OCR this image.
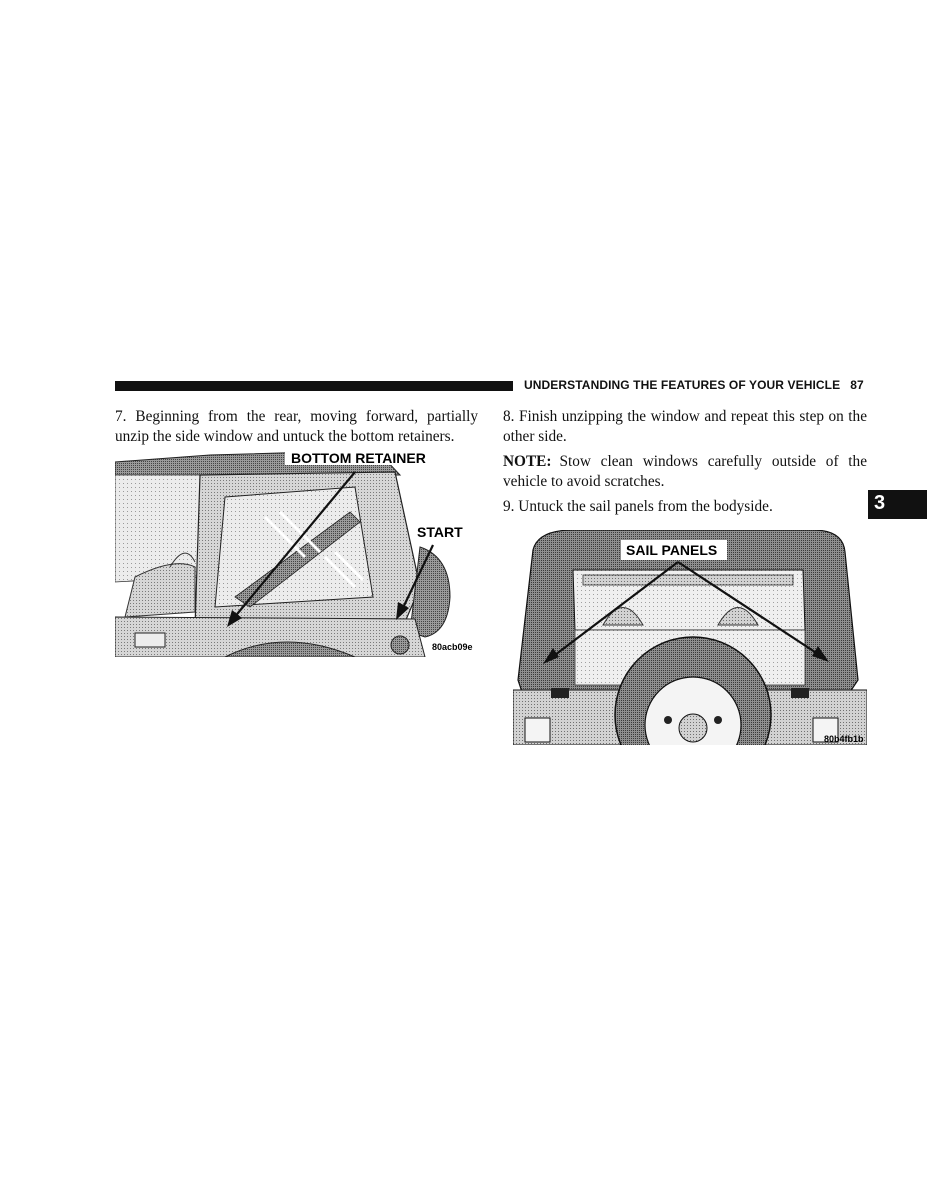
UNDERSTANDING THE FEATURES OF YOUR VEHICLE 87
7. Beginning from the rear, moving forward, partially unzip the side window and untuck the bottom retainers.
BOTTOM RETAINER
START
80acb09e
8. Finish unzipping the window and repeat this step on the other side.
NOTE: Stow clean windows carefully outside of the vehicle to avoid scratches.
9. Untuck the sail panels from the bodyside.	3
SAIL PANELS
80b4fb1b
